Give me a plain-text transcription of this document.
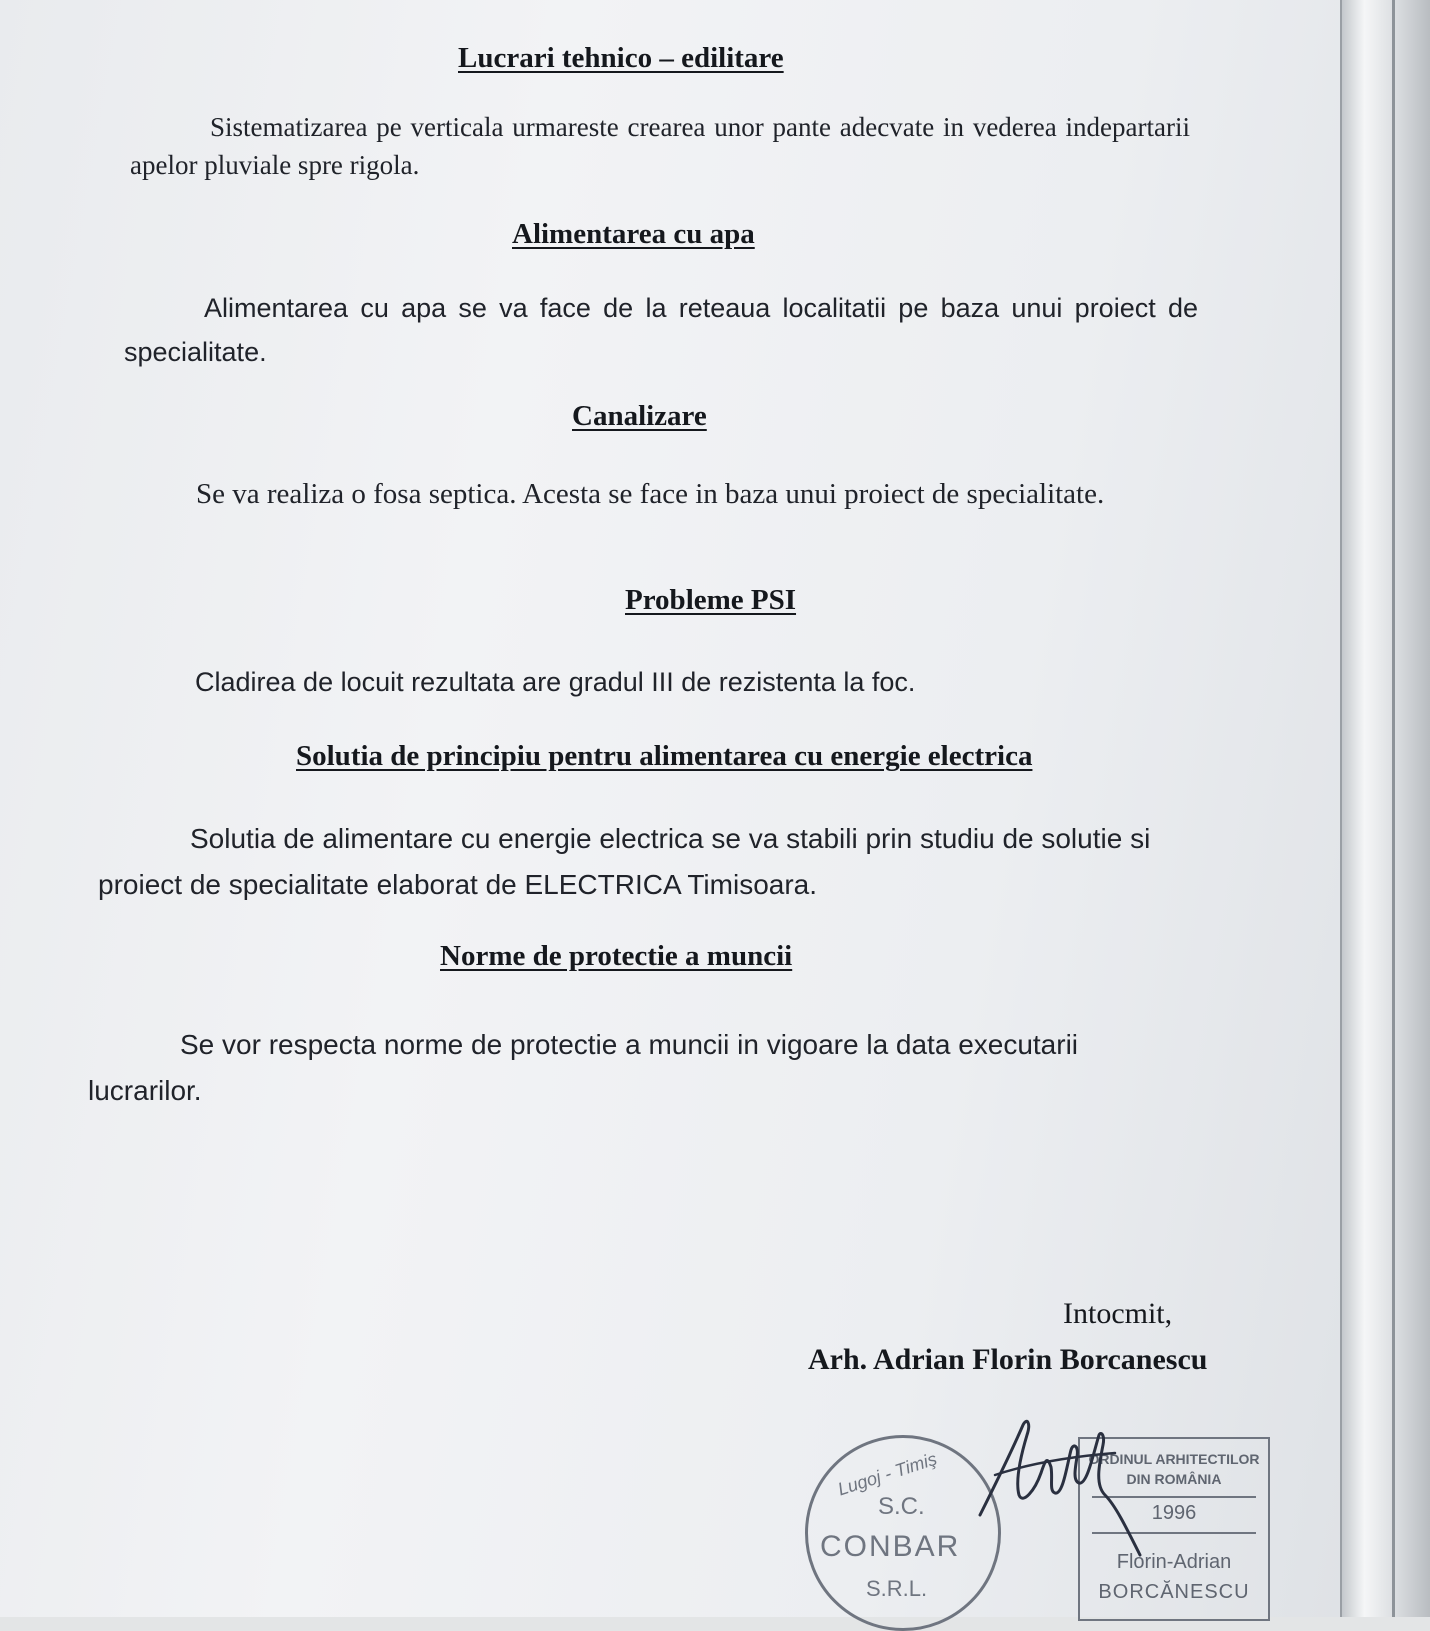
Lucrari tehnico – edilitare
Sistematizarea pe verticala urmareste crearea unor pante adecvate in vederea indepartarii apelor pluviale spre rigola.
Alimentarea cu apa
Alimentarea cu apa se va face de la reteaua localitatii pe baza unui proiect de specialitate.
Canalizare
Se va realiza o fosa septica. Acesta se face in baza unui proiect de specialitate.
Probleme PSI
Cladirea de locuit rezultata are gradul III de rezistenta la foc.
Solutia de principiu pentru alimentarea cu energie electrica
Solutia de alimentare cu energie electrica se va stabili prin studiu de solutie si proiect de specialitate elaborat de ELECTRICA Timisoara.
Norme de protectie a muncii
Se vor respecta norme de protectie a muncii in vigoare la data executarii lucrarilor.
Intocmit,
Arh. Adrian Florin Borcanescu
Lugoj - Timiş
S.C.
CONBAR
S.R.L.
ORDINUL ARHITECTILOR
DIN ROMÂNIA
1996
Florin-Adrian
BORCĂNESCU
